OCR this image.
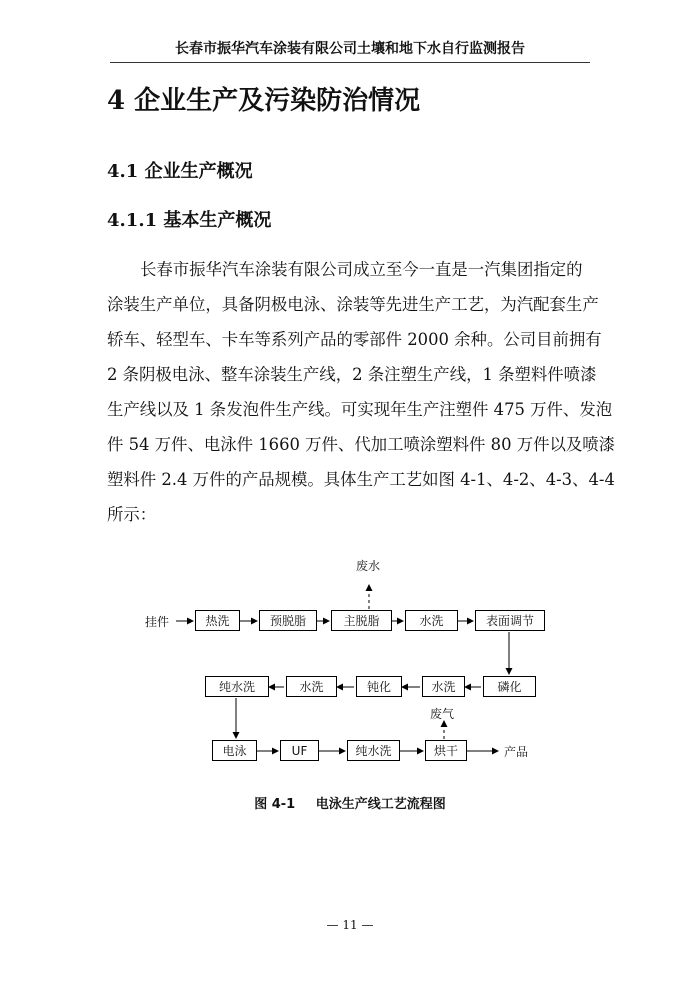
长春市振华汽车涂装有限公司土壤和地下水自行监测报告
4 企业生产及污染防治情况
4.1 企业生产概况
4.1.1 基本生产概况
长春市振华汽车涂装有限公司成立至今一直是一汽集团指定的
涂装生产单位，具备阴极电泳、涂装等先进生产工艺，为汽配套生产
轿车、轻型车、卡车等系列产品的零部件 2000 余种。公司目前拥有
2 条阴极电泳、整车涂装生产线，2 条注塑生产线，1 条塑料件喷漆
生产线以及 1 条发泡件生产线。可实现年生产注塑件 475 万件、发泡
件 54 万件、电泳件 1660 万件、代加工喷涂塑料件 80 万件以及喷漆
塑料件 2.4 万件的产品规模。具体生产工艺如图 4-1、4-2、4-3、4-4
所示：
挂件
废水
废气
产品
热洗	预脱脂	主脱脂	水洗	表面调节
磷化
水洗
钝化
水洗
纯水洗
电泳	UF	纯水洗	烘干
图 4-1 电泳生产线工艺流程图
— 11 —
